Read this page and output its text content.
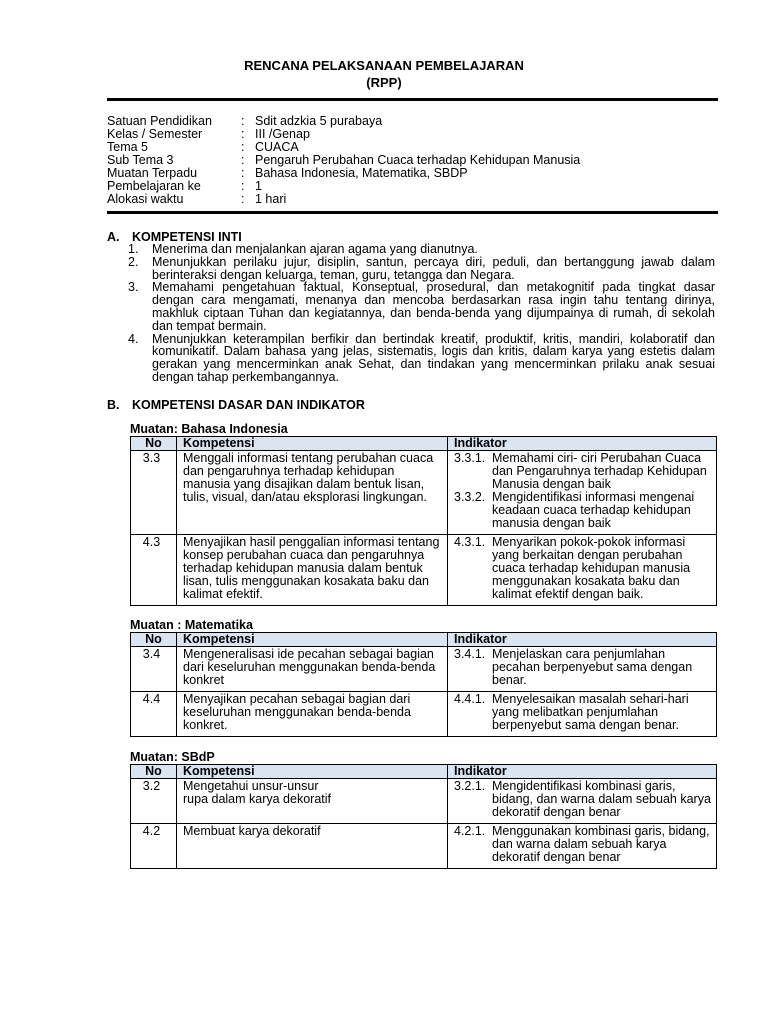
RENCANA PELAKSANAAN PEMBELAJARAN
(RPP)
Satuan Pendidikan : Sdit adzkia 5 purabaya
Kelas / Semester	: III /Genap
Tema 5	: CUACA
Sub Tema 3	: Pengaruh Perubahan Cuaca terhadap Kehidupan Manusia
Muatan Terpadu	: Bahasa Indonesia, Matematika, SBDP
Pembelajaran ke	: 1
Alokasi waktu	: 1 hari
A. KOMPETENSI INTI
1. Menerima dan menjalankan ajaran agama yang dianutnya.
2. Menunjukkan perilaku jujur, disiplin, santun, percaya diri, peduli, dan bertanggung jawab dalam berinteraksi dengan keluarga, teman, guru, tetangga dan Negara.
3. Memahami pengetahuan faktual, Konseptual, prosedural, dan metakognitif pada tingkat dasar dengan cara mengamati, menanya dan mencoba berdasarkan rasa ingin tahu tentang dirinya, makhluk ciptaan Tuhan dan kegiatannya, dan benda-benda yang dijumpainya di rumah, di sekolah dan tempat bermain.
4. Menunjukkan keterampilan berfikir dan bertindak kreatif, produktif, kritis, mandiri, kolaboratif dan komunikatif. Dalam bahasa yang jelas, sistematis, logis dan kritis, dalam karya yang estetis dalam gerakan yang mencerminkan anak Sehat, dan tindakan yang mencerminkan prilaku anak sesuai dengan tahap perkembangannya.
B. KOMPETENSI DASAR DAN INDIKATOR
Muatan: Bahasa Indonesia
No	Kompetensi	Indikator
3.3	Menggali informasi tentang perubahan cuaca dan pengaruhnya terhadap kehidupan manusia yang disajikan dalam bentuk lisan, tulis, visual, dan/atau eksplorasi lingkungan.	3.3.1. Memahami ciri- ciri Perubahan Cuaca dan Pengaruhnya terhadap Kehidupan Manusia dengan baik
3.3.2. Mengidentifikasi informasi mengenai keadaan cuaca terhadap kehidupan manusia dengan baik

4.3	Menyajikan hasil penggalian informasi tentang konsep perubahan cuaca dan pengaruhnya terhadap kehidupan manusia dalam bentuk lisan, tulis menggunakan kosakata baku dan kalimat efektif.	4.3.1. Menyarikan pokok-pokok informasi yang berkaitan dengan perubahan cuaca terhadap kehidupan manusia menggunakan kosakata baku dan kalimat efektif dengan baik.
Muatan : Matematika
No	Kompetensi	Indikator
3.4	Mengeneralisasi ide pecahan sebagai bagian dari keseluruhan menggunakan benda-benda konkret	3.4.1. Menjelaskan cara penjumlahan pecahan berpenyebut sama dengan benar.

4.4	Menyajikan pecahan sebagai bagian dari keseluruhan menggunakan benda-benda konkret.	4.4.1. Menyelesaikan masalah sehari-hari yang melibatkan penjumlahan berpenyebut sama dengan benar.
Muatan: SBdP
No	Kompetensi	Indikator
3.2	Mengetahui unsur-unsur rupa dalam karya dekoratif	3.2.1. Mengidentifikasi kombinasi garis, bidang, dan warna dalam sebuah karya dekoratif dengan benar

4.2	Membuat karya dekoratif	4.2.1. Menggunakan kombinasi garis, bidang, dan warna dalam sebuah karya dekoratif dengan benar
